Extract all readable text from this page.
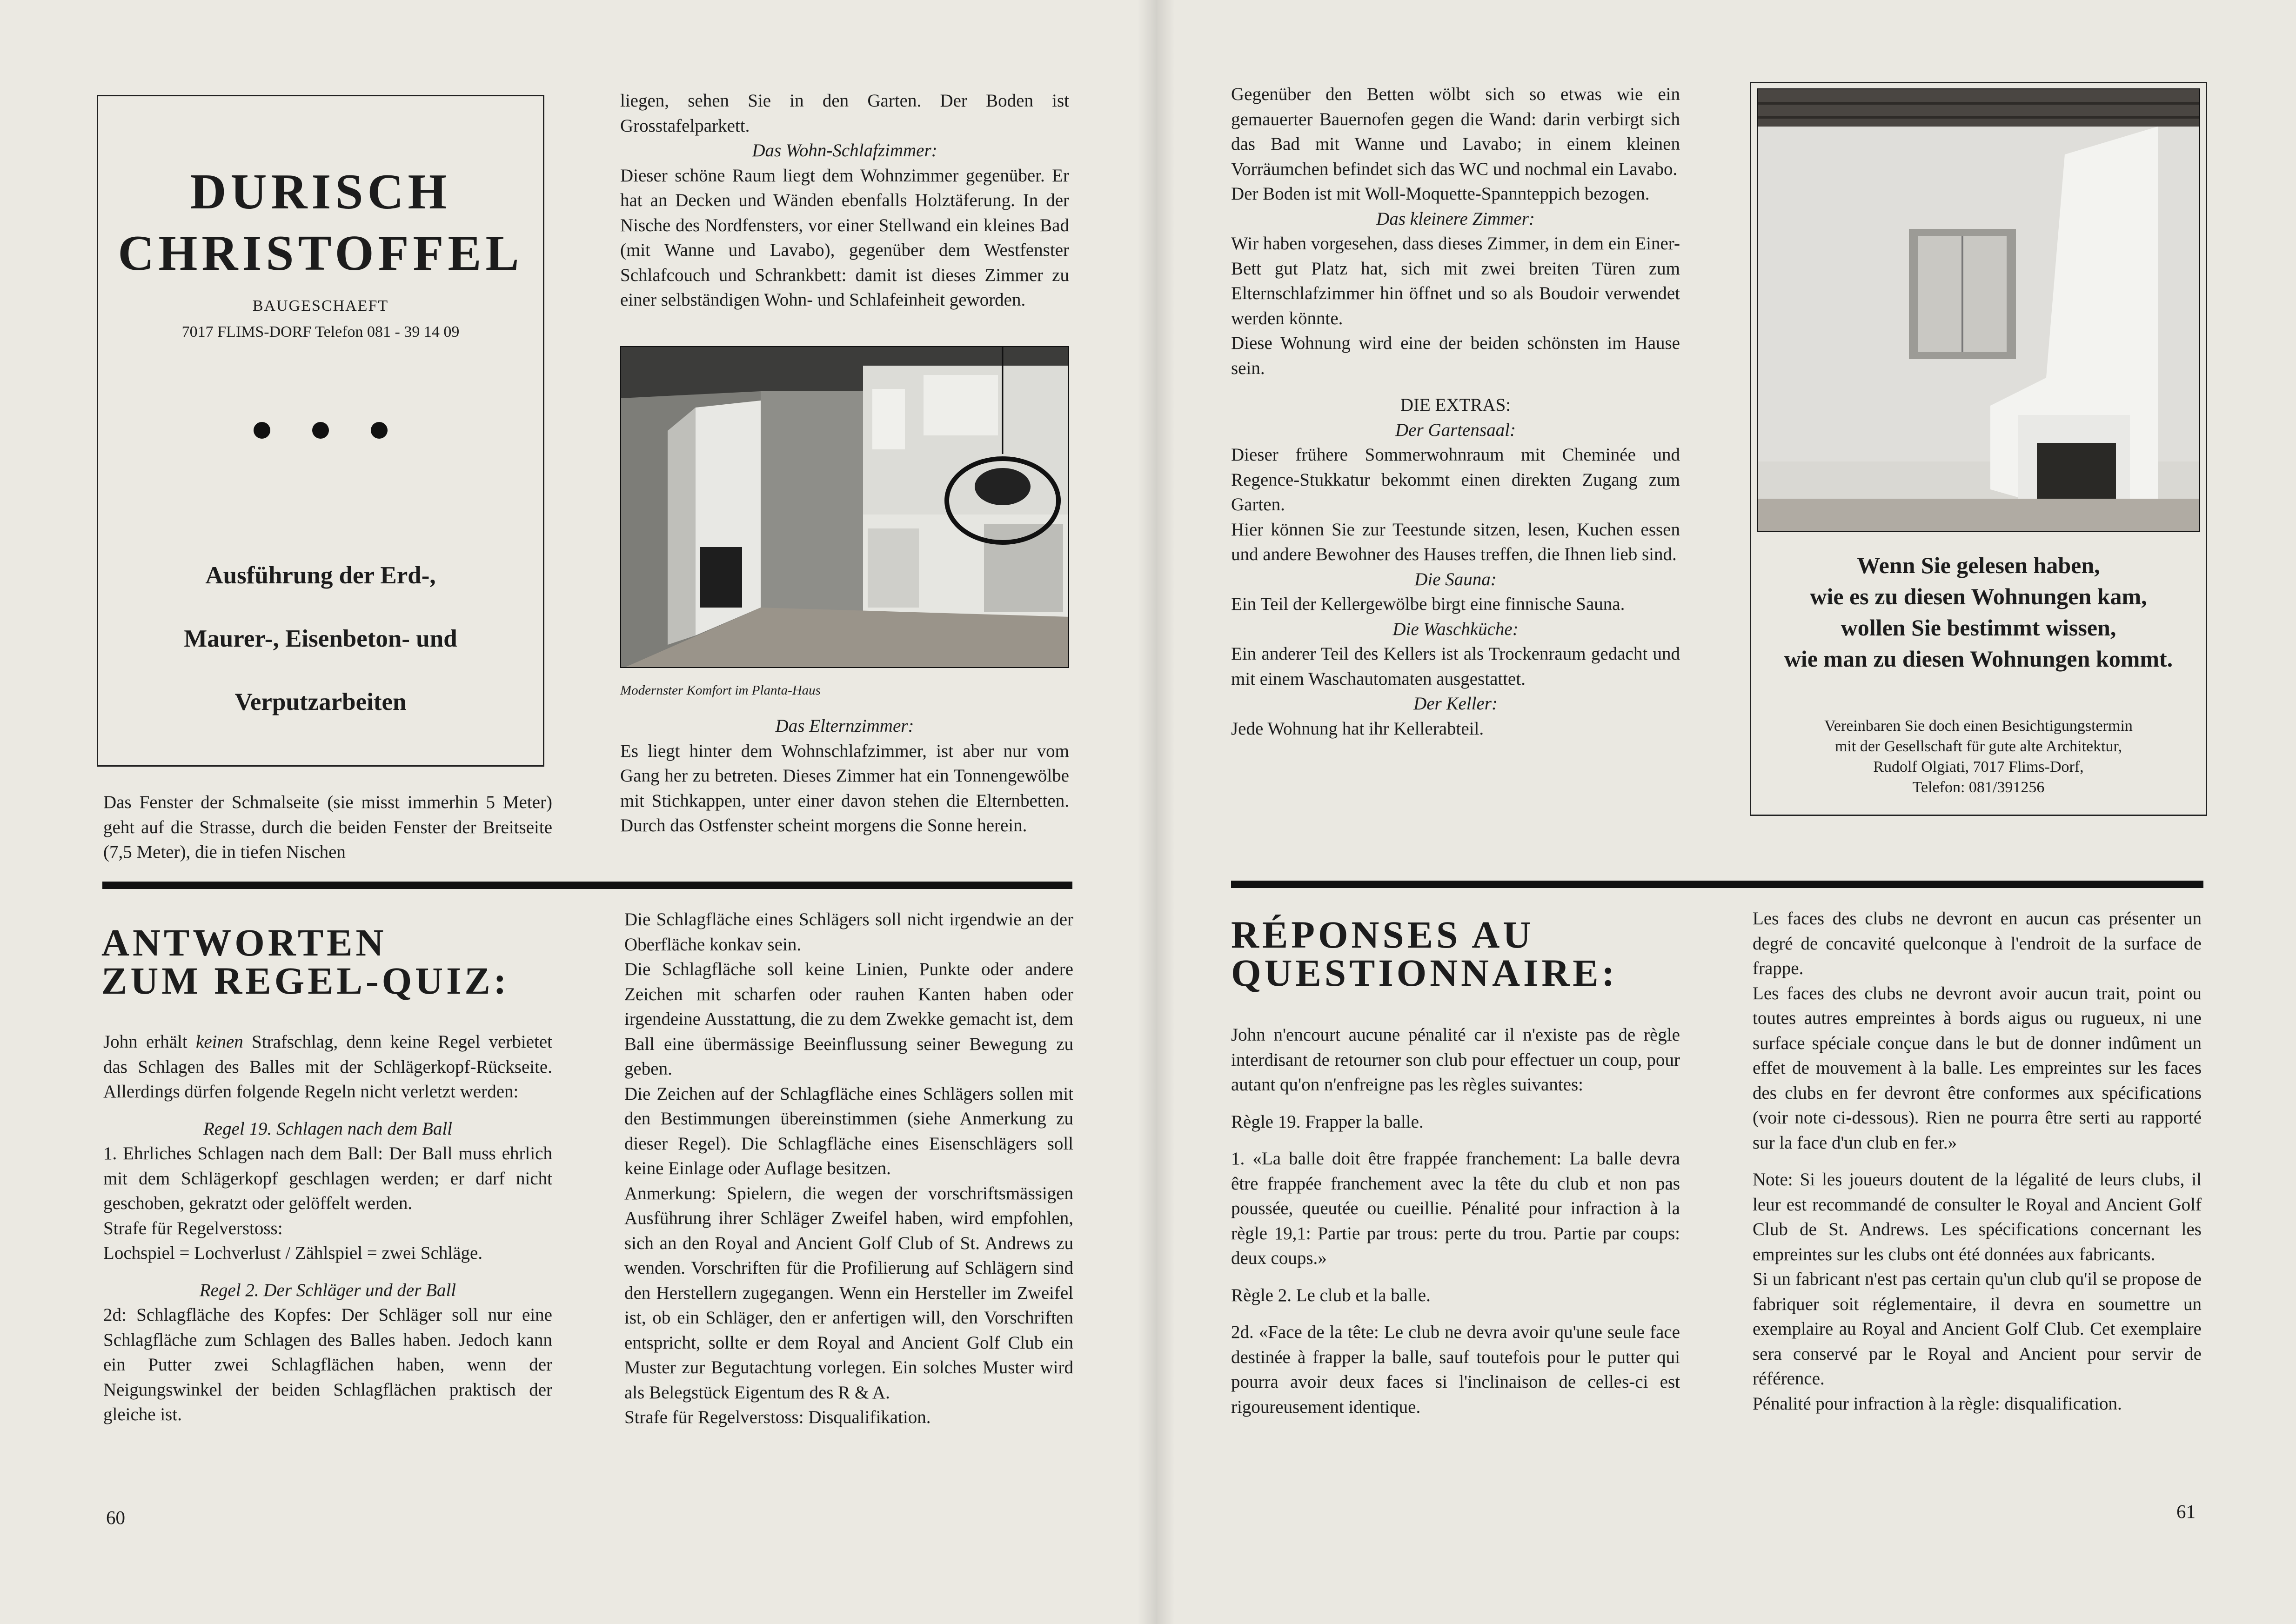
DURISCH
CHRISTOFFEL
BAUGESCHAEFT
7017 FLIMS-DORF Telefon 081 - 39 14 09
Ausführung der Erd-,
Maurer-, Eisenbeton- und
Verputzarbeiten

Das Fenster der Schmalseite (sie misst immerhin 5 Meter) geht auf die Strasse, durch die beiden Fenster der Breitseite (7,5 Meter), die in tiefen Nischen

liegen, sehen Sie in den Garten. Der Boden ist Grosstafelparkett.

Das Wohn-Schlafzimmer:

Dieser schöne Raum liegt dem Wohnzimmer gegenüber. Er hat an Decken und Wänden ebenfalls Holztäferung. In der Nische des Nordfensters, vor einer Stellwand ein kleines Bad (mit Wanne und Lavabo), gegenüber dem Westfenster Schlafcouch und Schrankbett: damit ist dieses Zimmer zu einer selbständigen Wohn- und Schlafeinheit geworden.

Modernster Komfort im Planta-Haus

Das Elternzimmer:

Es liegt hinter dem Wohnschlafzimmer, ist aber nur vom Gang her zu betreten. Dieses Zimmer hat ein Tonnengewölbe mit Stichkappen, unter einer davon stehen die Elternbetten. Durch das Ostfenster scheint morgens die Sonne herein.

ANTWORTEN
ZUM REGEL-QUIZ:

John erhält keinen Strafschlag, denn keine Regel verbietet das Schlagen des Balles mit der Schlägerkopf-Rückseite. Allerdings dürfen folgende Regeln nicht verletzt werden:

Regel 19. Schlagen nach dem Ball

1. Ehrliches Schlagen nach dem Ball: Der Ball muss ehrlich mit dem Schlägerkopf geschlagen werden; er darf nicht geschoben, gekratzt oder gelöffelt werden.

Strafe für Regelverstoss:

Lochspiel = Lochverlust / Zählspiel = zwei Schläge.

Regel 2. Der Schläger und der Ball

2d: Schlagfläche des Kopfes: Der Schläger soll nur eine Schlagfläche zum Schlagen des Balles haben. Jedoch kann ein Putter zwei Schlagflächen haben, wenn der Neigungswinkel der beiden Schlagflächen praktisch der gleiche ist.

Die Schlagfläche eines Schlägers soll nicht irgendwie an der Oberfläche konkav sein.

Die Schlagfläche soll keine Linien, Punkte oder andere Zeichen mit scharfen oder rauhen Kanten haben oder irgendeine Ausstattung, die zu dem Zwekke gemacht ist, dem Ball eine übermässige Beeinflussung seiner Bewegung zu geben.

Die Zeichen auf der Schlagfläche eines Schlägers sollen mit den Bestimmungen übereinstimmen (siehe Anmerkung zu dieser Regel). Die Schlagfläche eines Eisenschlägers soll keine Einlage oder Auflage besitzen.

Anmerkung: Spielern, die wegen der vorschriftsmässigen Ausführung ihrer Schläger Zweifel haben, wird empfohlen, sich an den Royal and Ancient Golf Club of St. Andrews zu wenden. Vorschriften für die Profilierung auf Schlägern sind den Herstellern zugegangen. Wenn ein Hersteller im Zweifel ist, ob ein Schläger, den er anfertigen will, den Vorschriften entspricht, sollte er dem Royal and Ancient Golf Club ein Muster zur Begutachtung vorlegen. Ein solches Muster wird als Belegstück Eigentum des R & A.

Strafe für Regelverstoss: Disqualifikation.

60

Gegenüber den Betten wölbt sich so etwas wie ein gemauerter Bauernofen gegen die Wand: darin verbirgt sich das Bad mit Wanne und Lavabo; in einem kleinen Vorräumchen befindet sich das WC und nochmal ein Lavabo.

Der Boden ist mit Woll-Moquette-Spannteppich bezogen.

Das kleinere Zimmer:

Wir haben vorgesehen, dass dieses Zimmer, in dem ein Einer-Bett gut Platz hat, sich mit zwei breiten Türen zum Elternschlafzimmer hin öffnet und so als Boudoir verwendet werden könnte.

Diese Wohnung wird eine der beiden schönsten im Hause sein.

DIE EXTRAS:

Der Gartensaal:

Dieser frühere Sommerwohnraum mit Cheminée und Regence-Stukkatur bekommt einen direkten Zugang zum Garten.

Hier können Sie zur Teestunde sitzen, lesen, Kuchen essen und andere Bewohner des Hauses treffen, die Ihnen lieb sind.

Die Sauna:

Ein Teil der Kellergewölbe birgt eine finnische Sauna.

Die Waschküche:

Ein anderer Teil des Kellers ist als Trockenraum gedacht und mit einem Waschautomaten ausgestattet.

Der Keller:

Jede Wohnung hat ihr Kellerabteil.

Wenn Sie gelesen haben,
wie es zu diesen Wohnungen kam,
wollen Sie bestimmt wissen,
wie man zu diesen Wohnungen kommt.
Vereinbaren Sie doch einen Besichtigungstermin
mit der Gesellschaft für gute alte Architektur,
Rudolf Olgiati, 7017 Flims-Dorf,
Telefon: 081/391256
RÉPONSES AU
QUESTIONNAIRE:

John n'encourt aucune pénalité car il n'existe pas de règle interdisant de retourner son club pour effectuer un coup, pour autant qu'on n'enfreigne pas les règles suivantes:

Règle 19. Frapper la balle.

1. «La balle doit être frappée franchement: La balle devra être frappée franchement avec la tête du club et non pas poussée, queutée ou cueillie. Pénalité pour infraction à la règle 19,1: Partie par trous: perte du trou. Partie par coups: deux coups.»

Règle 2. Le club et la balle.

2d. «Face de la tête: Le club ne devra avoir qu'une seule face destinée à frapper la balle, sauf toutefois pour le putter qui pourra avoir deux faces si l'inclinaison de celles-ci est rigoureusement identique.

Les faces des clubs ne devront en aucun cas présenter un degré de concavité quelconque à l'endroit de la surface de frappe.

Les faces des clubs ne devront avoir aucun trait, point ou toutes autres empreintes à bords aigus ou rugueux, ni une surface spéciale conçue dans le but de donner indûment un effet de mouvement à la balle. Les empreintes sur les faces des clubs en fer devront être conformes aux spécifications (voir note ci-dessous). Rien ne pourra être serti au rapporté sur la face d'un club en fer.»

Note: Si les joueurs doutent de la légalité de leurs clubs, il leur est recommandé de consulter le Royal and Ancient Golf Club de St. Andrews. Les spécifications concernant les empreintes sur les clubs ont été données aux fabricants.

Si un fabricant n'est pas certain qu'un club qu'il se propose de fabriquer soit réglementaire, il devra en soumettre un exemplaire au Royal and Ancient Golf Club. Cet exemplaire sera conservé par le Royal and Ancient pour servir de référence.

Pénalité pour infraction à la règle: disqualification.

61
